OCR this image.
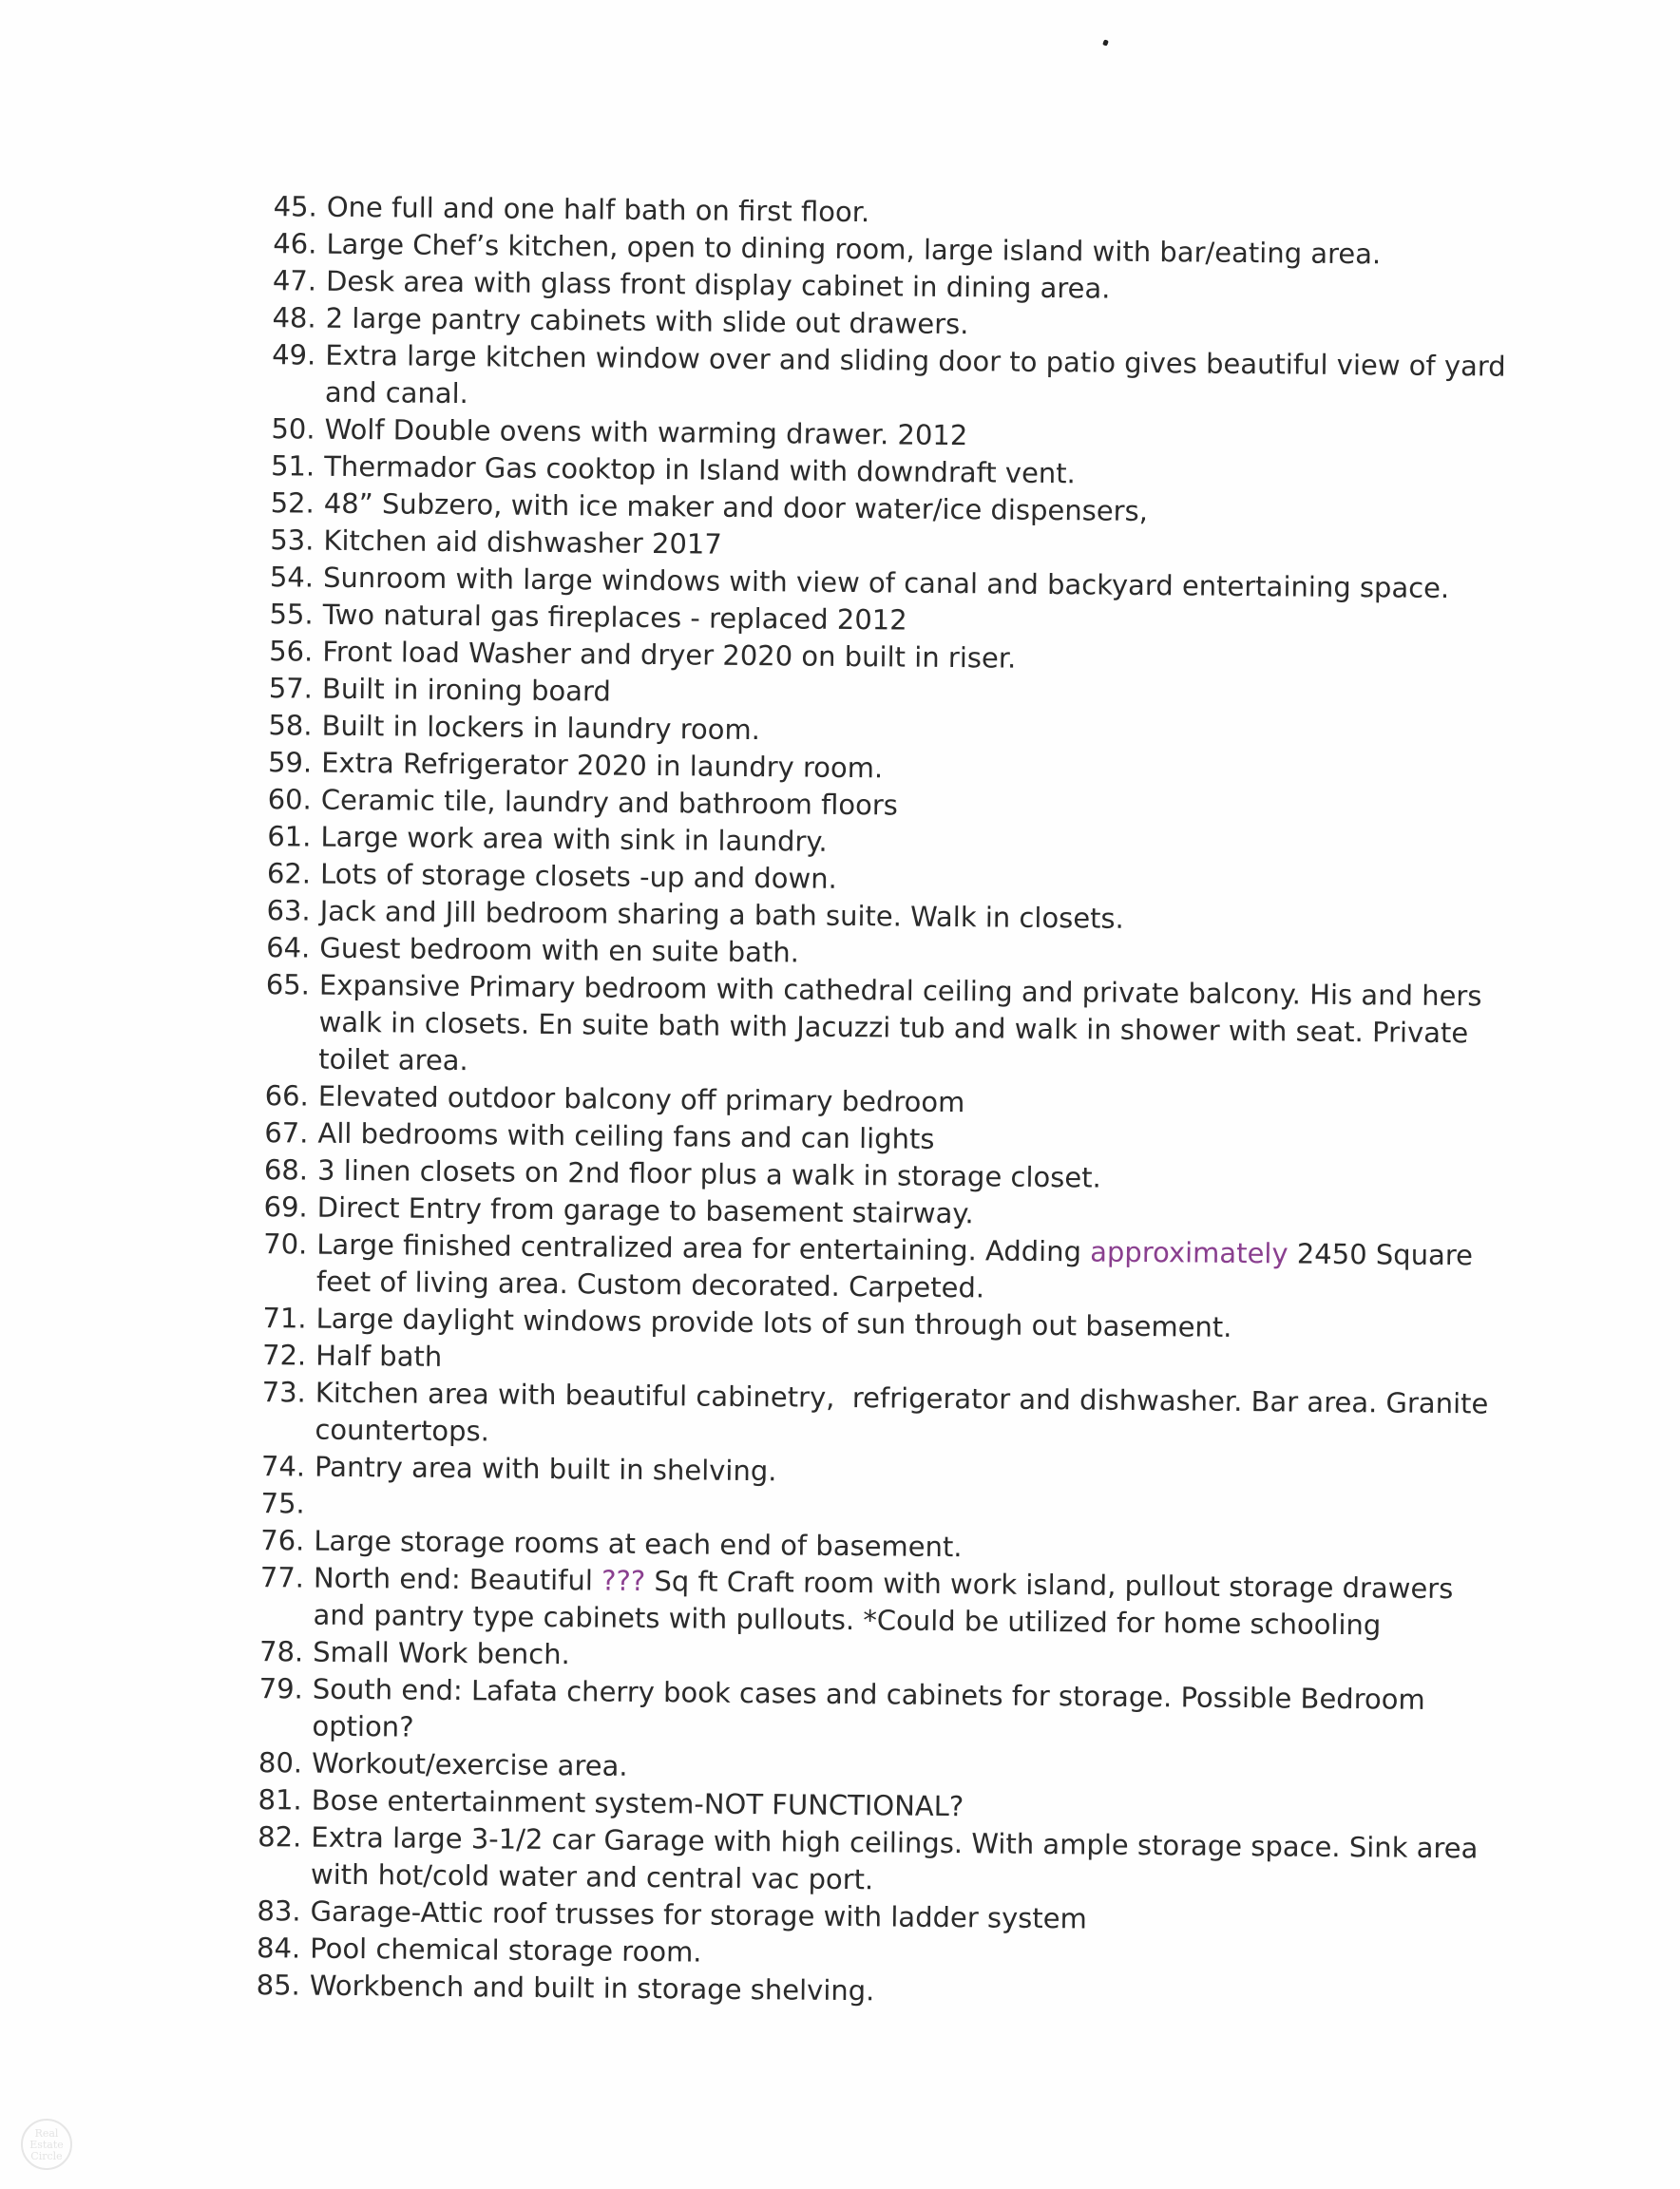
45. One full and one half bath on first floor.
46. Large Chef’s kitchen, open to dining room, large island with bar/eating area.
47. Desk area with glass front display cabinet in dining area.
48. 2 large pantry cabinets with slide out drawers.
49. Extra large kitchen window over and sliding door to patio gives beautiful view of yard and canal.
50. Wolf Double ovens with warming drawer. 2012
51. Thermador Gas cooktop in Island with downdraft vent.
52. 48” Subzero, with ice maker and door water/ice dispensers,
53. Kitchen aid dishwasher 2017
54. Sunroom with large windows with view of canal and backyard entertaining space.
55. Two natural gas fireplaces - replaced 2012
56. Front load Washer and dryer 2020 on built in riser.
57. Built in ironing board
58. Built in lockers in laundry room.
59. Extra Refrigerator 2020 in laundry room.
60. Ceramic tile, laundry and bathroom floors
61. Large work area with sink in laundry.
62. Lots of storage closets -up and down.
63. Jack and Jill bedroom sharing a bath suite. Walk in closets.
64. Guest bedroom with en suite bath.
65. Expansive Primary bedroom with cathedral ceiling and private balcony. His and hers walk in closets. En suite bath with Jacuzzi tub and walk in shower with seat. Private toilet area.
66. Elevated outdoor balcony off primary bedroom
67. All bedrooms with ceiling fans and can lights
68. 3 linen closets on 2nd floor plus a walk in storage closet.
69. Direct Entry from garage to basement stairway.
70. Large finished centralized area for entertaining. Adding approximately 2450 Square feet of living area. Custom decorated. Carpeted.
71. Large daylight windows provide lots of sun through out basement.
72. Half bath
73. Kitchen area with beautiful cabinetry,  refrigerator and dishwasher. Bar area. Granite countertops.
74. Pantry area with built in shelving.
75.
76. Large storage rooms at each end of basement.
77. North end: Beautiful ??? Sq ft Craft room with work island, pullout storage drawers and pantry type cabinets with pullouts. *Could be utilized for home schooling
78. Small Work bench.
79. South end: Lafata cherry book cases and cabinets for storage. Possible Bedroom option?
80. Workout/exercise area.
81. Bose entertainment system-NOT FUNCTIONAL?
82. Extra large 3-1/2 car Garage with high ceilings. With ample storage space. Sink area with hot/cold water and central vac port.
83. Garage-Attic roof trusses for storage with ladder system
84. Pool chemical storage room.
85. Workbench and built in storage shelving.
Real Estate Circle
